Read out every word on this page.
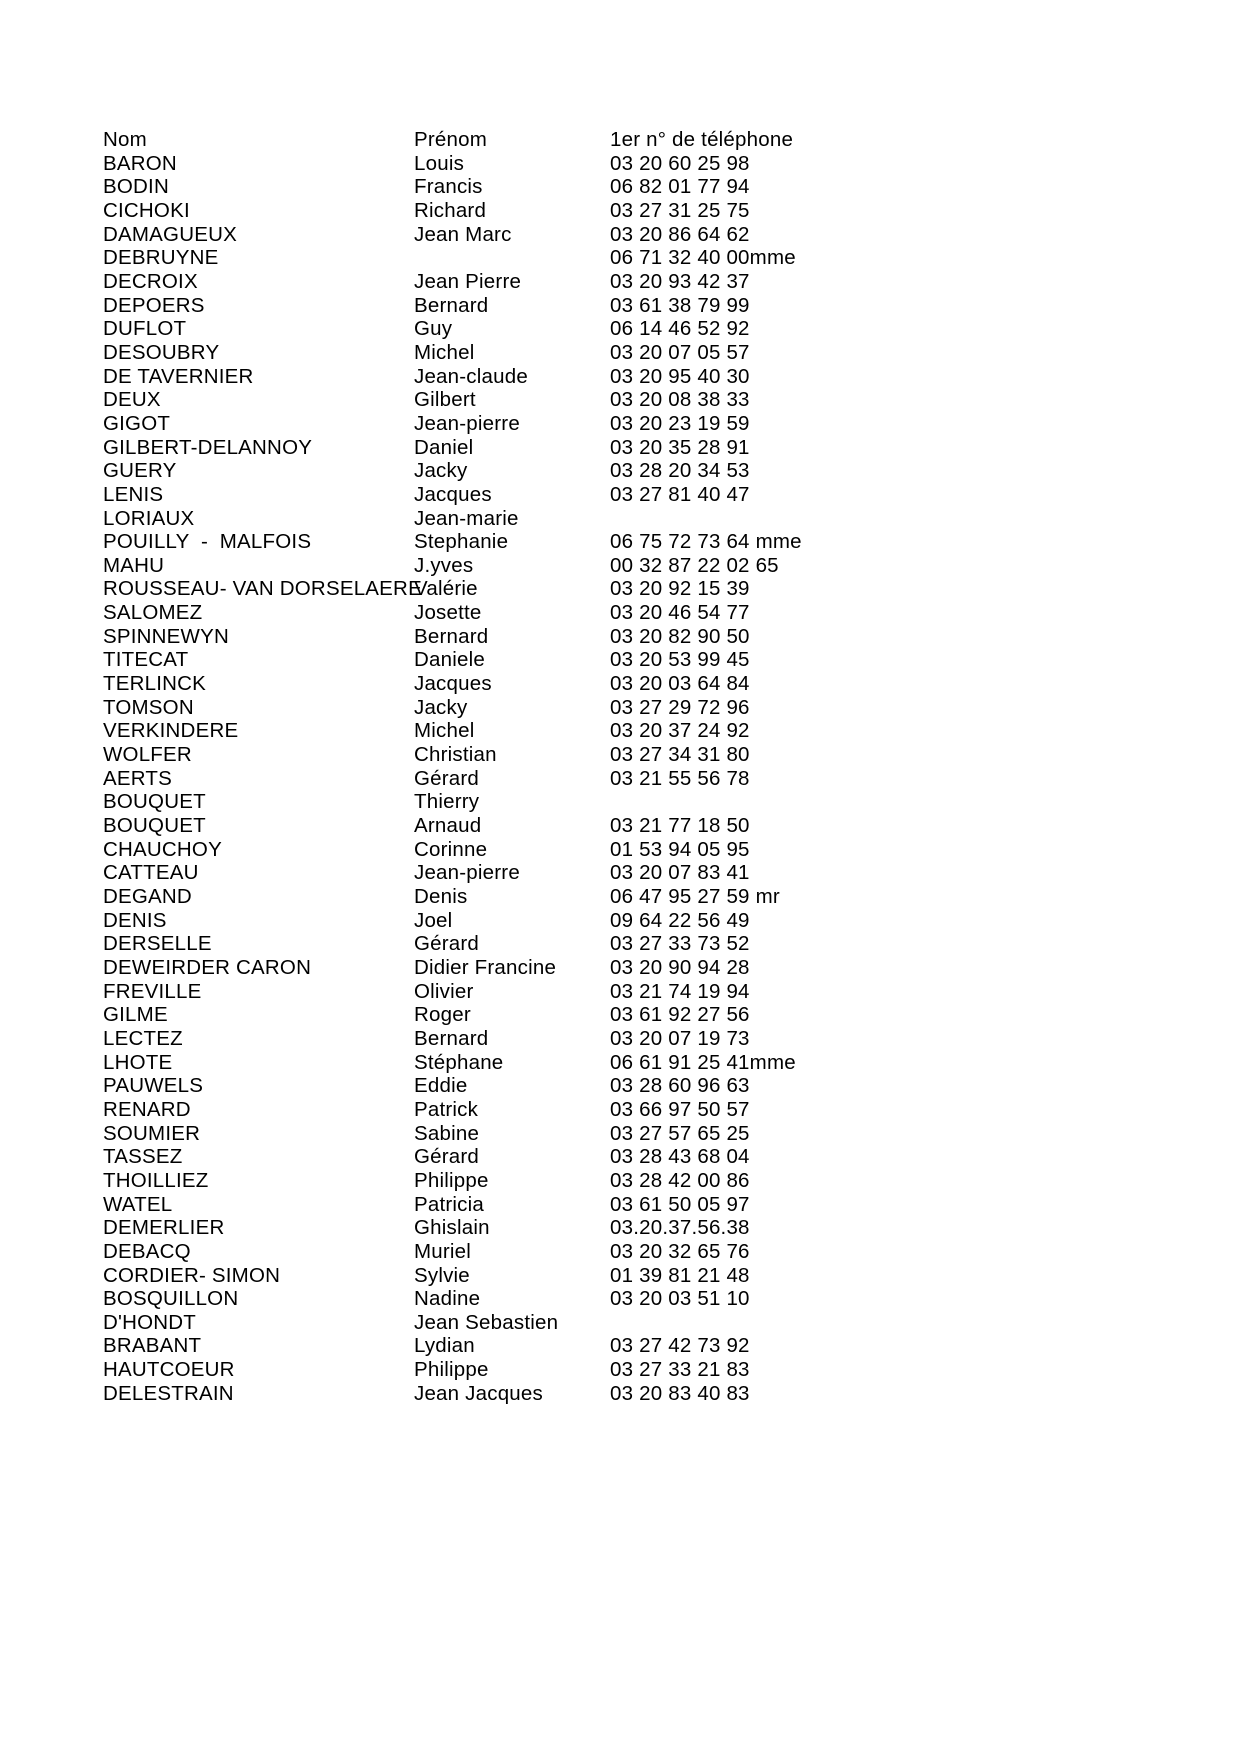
Nom	Prénom	1er n° de téléphone
BARON	Louis	03 20 60 25 98
BODIN	Francis	06 82 01 77 94
CICHOKI	Richard	03 27 31 25 75
DAMAGUEUX	Jean Marc	03 20 86 64 62
DEBRUYNE		06 71 32 40 00mme
DECROIX	Jean Pierre	03 20 93 42 37
DEPOERS	Bernard	03 61 38 79 99
DUFLOT	Guy	06 14 46 52 92
DESOUBRY	Michel	03 20 07 05 57
DE TAVERNIER	Jean-claude	03 20 95 40 30
DEUX	Gilbert	03 20 08 38 33
GIGOT	Jean-pierre	03 20 23 19 59
GILBERT-DELANNOY	Daniel	03 20 35 28 91
GUERY	Jacky	03 28 20 34 53
LENIS	Jacques	03 27 81 40 47
LORIAUX	Jean-marie	
POUILLY  -  MALFOIS	Stephanie	06 75 72 73 64 mme
MAHU	J.yves	00 32 87 22 02 65
ROUSSEAU- VAN DORSELAERE	Valérie	03 20 92 15 39
SALOMEZ	Josette	03 20 46 54 77
SPINNEWYN	Bernard	03 20 82 90 50
TITECAT	Daniele	03 20 53 99 45
TERLINCK	Jacques	03 20 03 64 84
TOMSON	Jacky	03 27 29 72 96
VERKINDERE	Michel	03 20 37 24 92
WOLFER	Christian	03 27 34 31 80
AERTS	Gérard	03 21 55 56 78
BOUQUET	Thierry	
BOUQUET	Arnaud	03 21 77 18 50
CHAUCHOY	Corinne	01 53 94 05 95
CATTEAU	Jean-pierre	03 20 07 83 41
DEGAND	Denis	06 47 95 27 59 mr
DENIS	Joel	09 64 22 56 49
DERSELLE	Gérard	03 27 33 73 52
DEWEIRDER CARON	Didier Francine	03 20 90 94 28
FREVILLE	Olivier	03 21 74 19 94
GILME	Roger	03 61 92 27 56
LECTEZ	Bernard	03 20 07 19 73
LHOTE	Stéphane	06 61 91 25 41mme
PAUWELS	Eddie	03 28 60 96 63
RENARD	Patrick	03 66 97 50 57
SOUMIER	Sabine	03 27 57 65 25
TASSEZ	Gérard	03 28 43 68 04
THOILLIEZ	Philippe	03 28 42 00 86
WATEL	Patricia	03 61 50 05 97
DEMERLIER	Ghislain	03.20.37.56.38
DEBACQ	Muriel	03 20 32 65 76
CORDIER- SIMON	Sylvie	01 39 81 21 48
BOSQUILLON	Nadine	03 20 03 51 10
D'HONDT	Jean Sebastien	
BRABANT	Lydian	03 27 42 73 92
HAUTCOEUR	Philippe	03 27 33 21 83
DELESTRAIN	Jean Jacques	03 20 83 40 83
